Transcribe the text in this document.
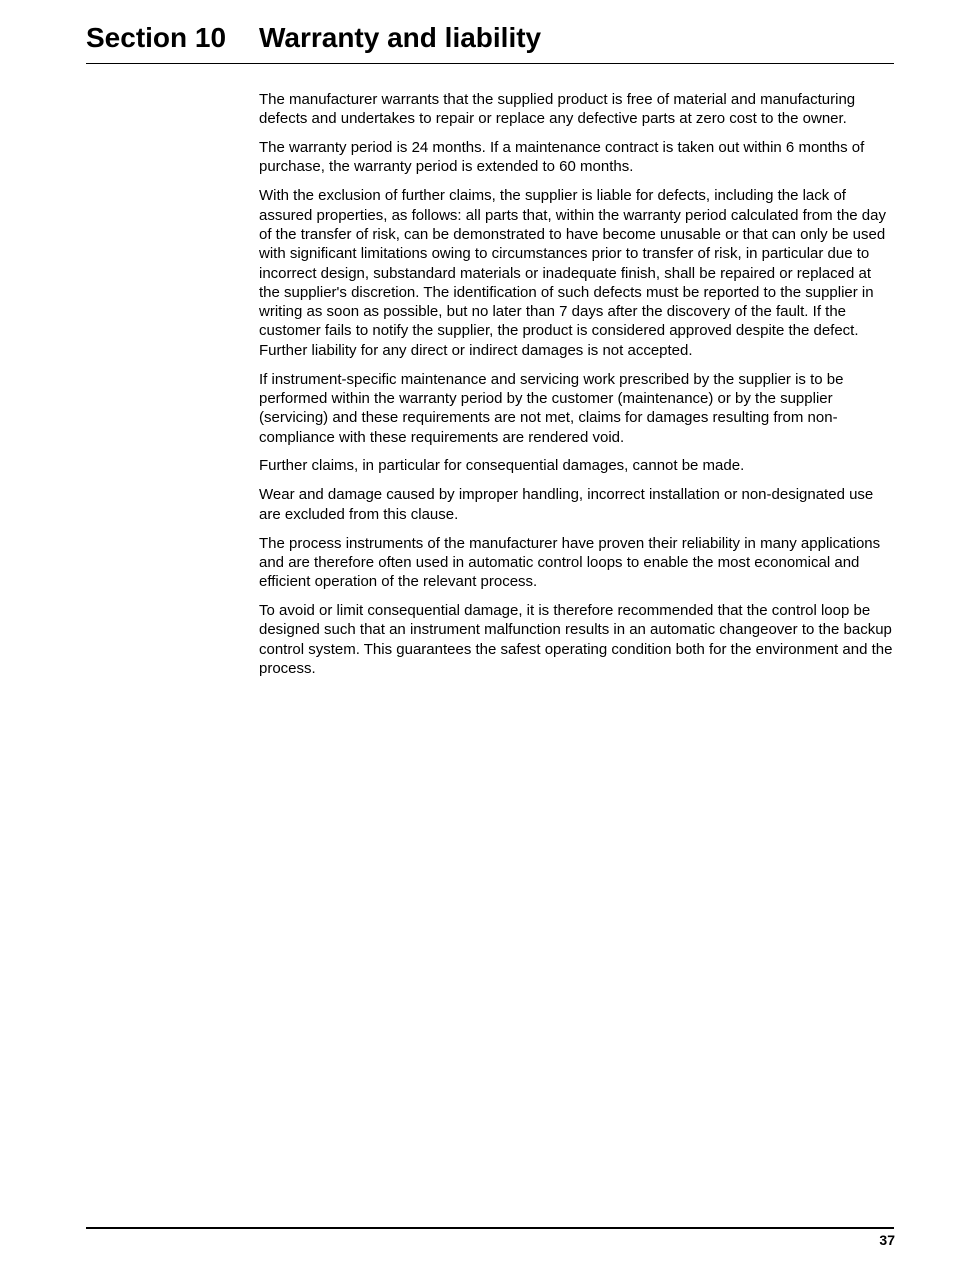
Section 10 Warranty and liability

The manufacturer warrants that the supplied product is free of material and manufacturing defects and undertakes to repair or replace any defective parts at zero cost to the owner.

The warranty period is 24 months. If a maintenance contract is taken out within 6 months of purchase, the warranty period is extended to 60 months.

With the exclusion of further claims, the supplier is liable for defects, including the lack of assured properties, as follows: all parts that, within the warranty period calculated from the day of the transfer of risk, can be demonstrated to have become unusable or that can only be used with significant limitations owing to circumstances prior to transfer of risk, in particular due to incorrect design, substandard materials or inadequate finish, shall be repaired or replaced at the supplier's discretion. The identification of such defects must be reported to the supplier in writing as soon as possible, but no later than 7 days after the discovery of the fault. If the customer fails to notify the supplier, the product is considered approved despite the defect. Further liability for any direct or indirect damages is not accepted.

If instrument-specific maintenance and servicing work prescribed by the supplier is to be performed within the warranty period by the customer (maintenance) or by the supplier (servicing) and these requirements are not met, claims for damages resulting from non-compliance with these requirements are rendered void.

Further claims, in particular for consequential damages, cannot be made.

Wear and damage caused by improper handling, incorrect installation or non-designated use are excluded from this clause.

The process instruments of the manufacturer have proven their reliability in many applications and are therefore often used in automatic control loops to enable the most economical and efficient operation of the relevant process.

To avoid or limit consequential damage, it is therefore recommended that the control loop be designed such that an instrument malfunction results in an automatic changeover to the backup control system. This guarantees the safest operating condition both for the environment and the process.

37
